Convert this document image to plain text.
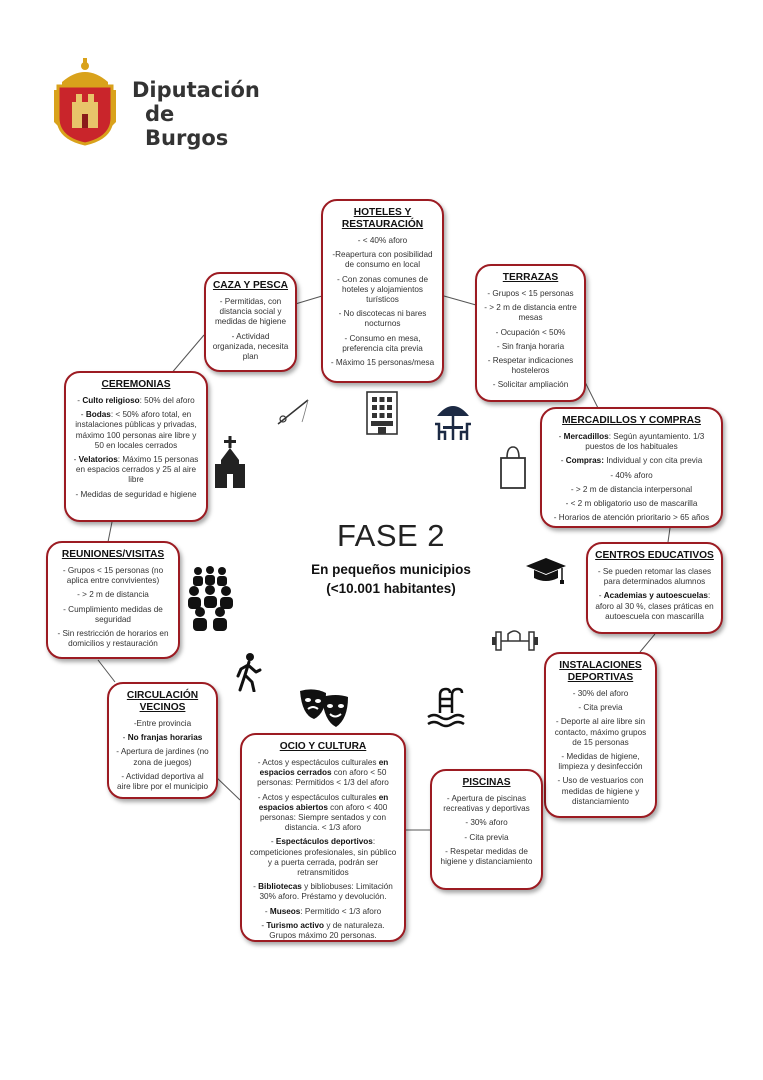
Diputación
de Burgos
HOTELES Y RESTAURACIÓN

- < 40% aforo

-Reapertura con posibilidad de consumo en local

- Con zonas comunes de hoteles y alojamientos turísticos

- No discotecas ni bares nocturnos

- Consumo en mesa, preferencia cita previa

- Máximo 15 personas/mesa

CAZA Y PESCA

- Permitidas, con distancia social y medidas de higiene

- Actividad organizada, necesita plan

TERRAZAS

- Grupos < 15 personas

- > 2 m de distancia entre mesas

- Ocupación < 50%

- Sin franja horaria

- Respetar indicaciones hosteleros

- Solicitar ampliación

CEREMONIAS

- Culto religioso: 50% del aforo

- Bodas: < 50% aforo total, en instalaciones públicas y privadas, máximo 100 personas aire libre y 50 en locales cerrados

- Velatorios: Máximo 15 personas en espacios cerrados y 25 al aire libre

- Medidas de seguridad e higiene

MERCADILLOS Y COMPRAS

- Mercadillos: Según ayuntamiento. 1/3 puestos de los habituales

- Compras: Individual y con cita previa

- 40% aforo

- > 2 m de distancia interpersonal

- < 2 m obligatorio uso de mascarilla

- Horarios de atención prioritario > 65 años

REUNIONES/VISITAS

- Grupos < 15 personas (no aplica entre convivientes)

- > 2 m de distancia

- Cumplimiento medidas de seguridad

- Sin restricción de horarios en domicilios y restauración

CENTROS EDUCATIVOS

- Se pueden retomar las clases para determinados alumnos

- Academias y autoescuelas: aforo al 30 %, clases práticas en autoescuela con mascarilla

CIRCULACIÓN VECINOS

-Entre provincia

- No franjas horarias

- Apertura de jardines (no zona de juegos)

- Actividad deportiva al aire libre por el municipio

INSTALACIONES DEPORTIVAS

- 30% del aforo

- Cita previa

- Deporte al aire libre sin contacto, máximo grupos de 15 personas

- Medidas de higiene, limpieza y desinfección

- Uso de vestuarios con medidas de higiene y distanciamiento

OCIO Y CULTURA

- Actos y espectáculos culturales en espacios cerrados con aforo < 50 personas: Permitidos < 1/3 del aforo

- Actos y espectáculos culturales en espacios abiertos con aforo < 400 personas: Siempre sentados y con distancia. < 1/3 aforo

- Espectáculos deportivos: competiciones profesionales, sin público y a puerta cerrada, podrán ser retransmitidos

- Bibliotecas y bibliobuses: Limitación 30% aforo. Préstamo y devolución.

- Museos: Permitido < 1/3 aforo

- Turismo activo y de naturaleza. Grupos máximo 20 personas.

PISCINAS

- Apertura de piscinas recreativas y deportivas

- 30% aforo

- Cita previa

- Respetar medidas de higiene y distanciamiento

FASE 2
En pequeños municipios
(<10.001 habitantes)
